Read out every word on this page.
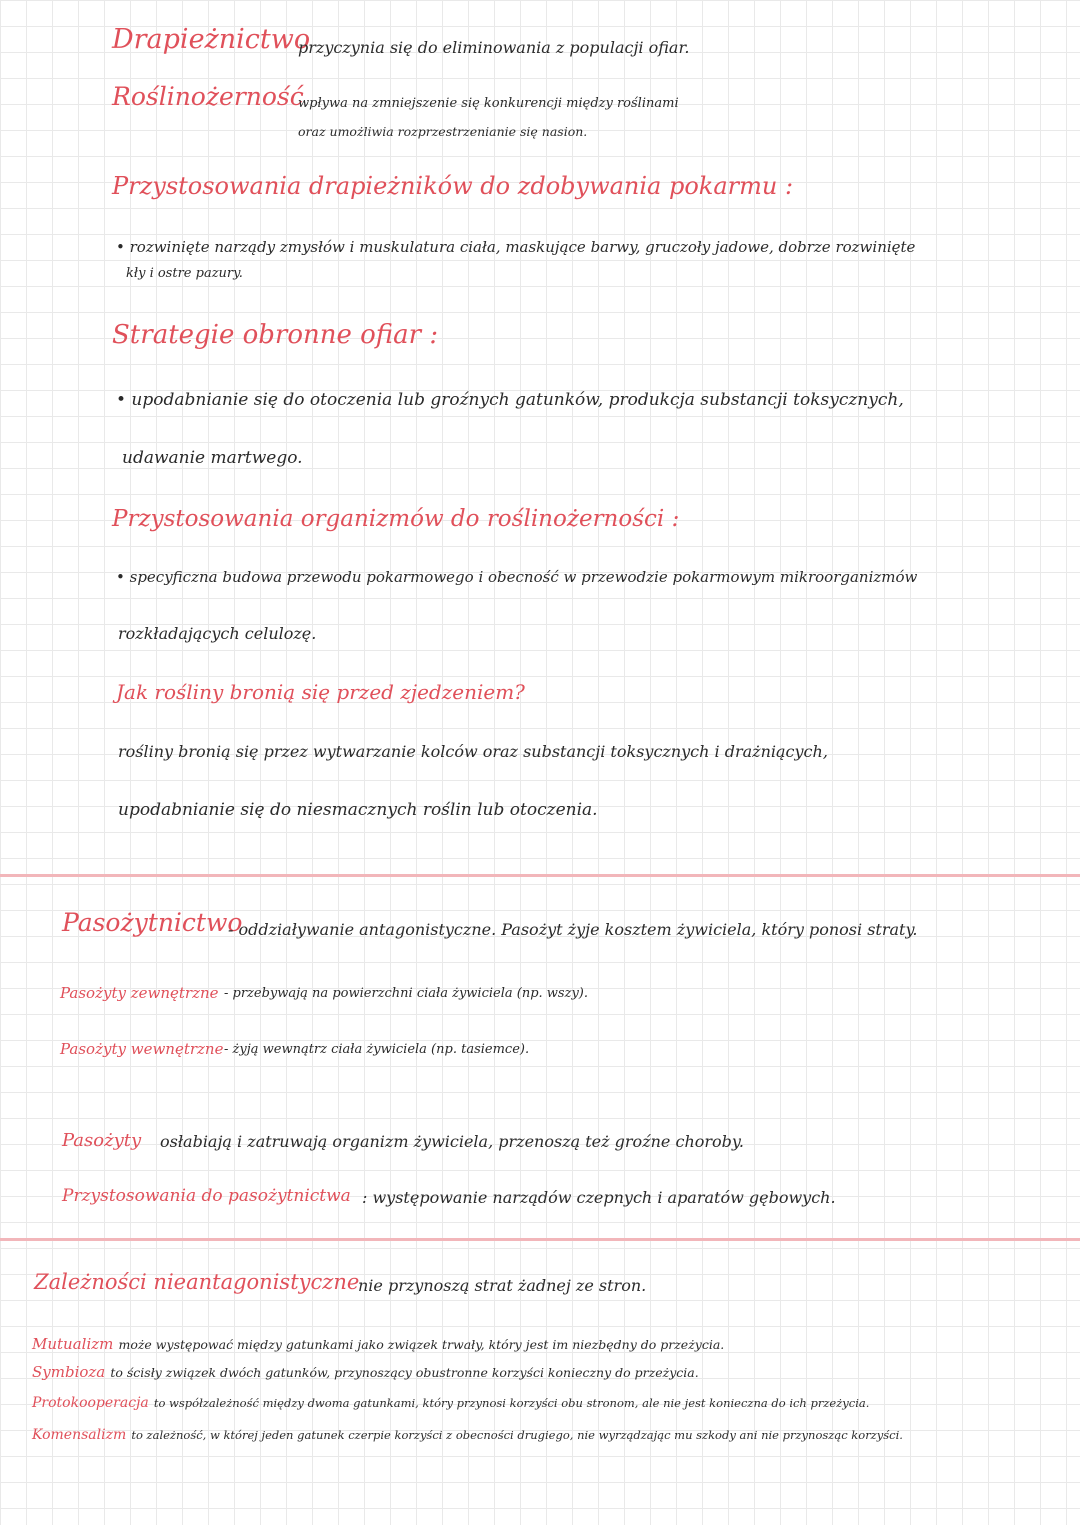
Drapieżnictwo
przyczynia się do eliminowania z populacji ofiar.
Roślinożerność
wpływa na zmniejszenie się konkurencji między roślinami
oraz umożliwia rozprzestrzenianie się nasion.
Przystosowania drapieżników do zdobywania pokarmu :
• rozwinięte narządy zmysłów i muskulatura ciała, maskujące barwy, gruczoły jadowe, dobrze rozwinięte
kły i ostre pazury.
Strategie obronne ofiar :
• upodabnianie się do otoczenia lub groźnych gatunków, produkcja substancji toksycznych,
udawanie martwego.
Przystosowania organizmów do roślinożerności :
• specyficzna budowa przewodu pokarmowego i obecność w przewodzie pokarmowym mikroorganizmów
rozkładających celulozę.
Jak rośliny bronią się przed zjedzeniem?
rośliny bronią się przez wytwarzanie kolców oraz substancji toksycznych i drażniących,
upodabnianie się do niesmacznych roślin lub otoczenia.
Pasożytnictwo
- oddziaływanie antagonistyczne. Pasożyt żyje kosztem żywiciela, który ponosi straty.
Pasożyty zewnętrzne - przebywają na powierzchni ciała żywiciela (np. wszy).
Pasożyty wewnętrzne - żyją wewnątrz ciała żywiciela (np. tasiemce).
Pasożyty osłabiają i zatruwają organizm żywiciela, przenoszą też groźne choroby.
Przystosowania do pasożytnictwa : występowanie narządów czepnych i aparatów gębowych.
Zależności nieantagonistyczne
nie przynoszą strat żadnej ze stron.
Mutualizm może występować między gatunkami jako związek trwały, który jest im niezbędny do przeżycia.
Symbioza to ścisły związek dwóch gatunków, przynoszący obustronne korzyści konieczny do przeżycia.
Protokooperacja to współzależność między dwoma gatunkami, który przynosi korzyści obu stronom, ale nie jest konieczna do ich przeżycia.
Komensalizm to zależność, w której jeden gatunek czerpie korzyści z obecności drugiego, nie wyrządzając mu szkody ani nie przynosząc korzyści.
